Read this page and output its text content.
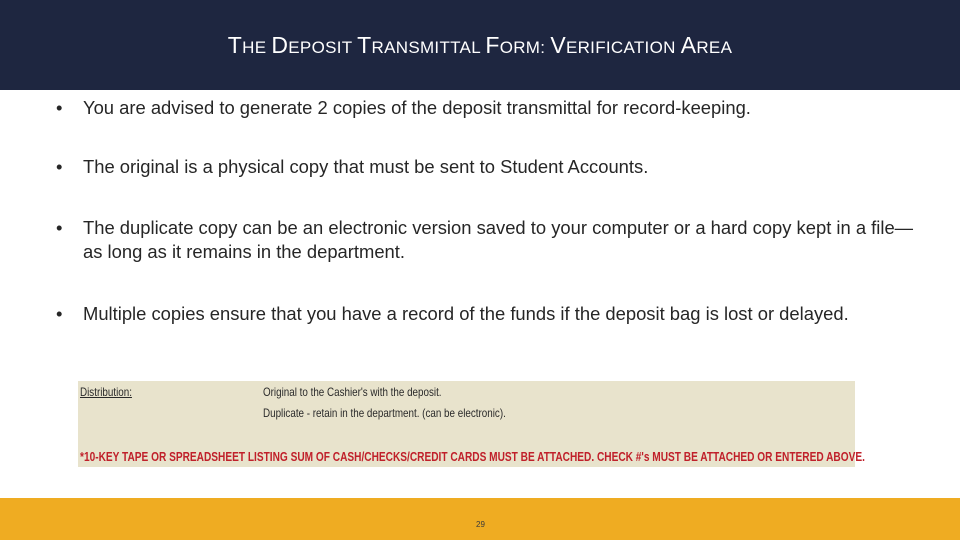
THE DEPOSIT TRANSMITTAL FORM: VERIFICATION AREA
• You are advised to generate 2 copies of the deposit transmittal for record-keeping.
• The original is a physical copy that must be sent to Student Accounts.
• The duplicate copy can be an electronic version saved to your computer or a hard copy kept in a file—as long as it remains in the department.
• Multiple copies ensure that you have a record of the funds if the deposit bag is lost or delayed.
Distribution:	Original to the Cashier's with the deposit.
Duplicate - retain in the department. (can be electronic).
*10-KEY TAPE OR SPREADSHEET LISTING SUM OF CASH/CHECKS/CREDIT CARDS MUST BE ATTACHED. CHECK #'s MUST BE ATTACHED OR ENTERED ABOVE.
29
